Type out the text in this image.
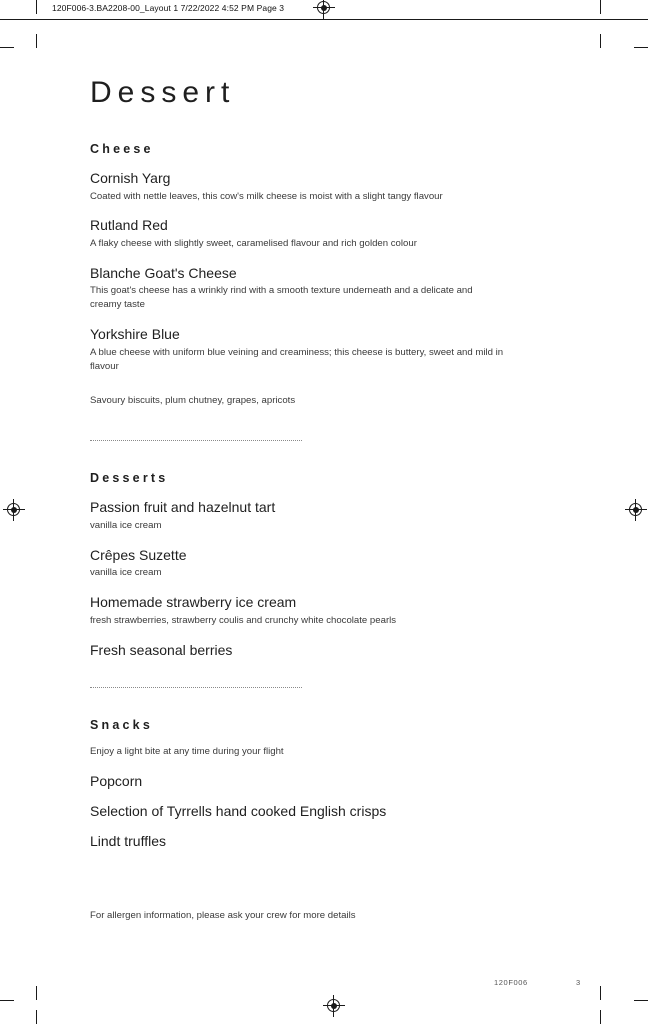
120F006-3.BA2208-00_Layout 1 7/22/2022 4:52 PM Page 3
Dessert
Cheese

Cornish Yarg

Coated with nettle leaves, this cow's milk cheese is moist with a slight tangy flavour

Rutland Red

A flaky cheese with slightly sweet, caramelised flavour and rich golden colour

Blanche Goat's Cheese

This goat's cheese has a wrinkly rind with a smooth texture underneath and a delicate and creamy taste

Yorkshire Blue

A blue cheese with uniform blue veining and creaminess; this cheese is buttery, sweet and mild in flavour

Savoury biscuits, plum chutney, grapes, apricots

Desserts

Passion fruit and hazelnut tart

vanilla ice cream

Crêpes Suzette

vanilla ice cream

Homemade strawberry ice cream

fresh strawberries, strawberry coulis and crunchy white chocolate pearls

Fresh seasonal berries

Snacks

Enjoy a light bite at any time during your flight

Popcorn

Selection of Tyrrells hand cooked English crisps

Lindt truffles

For allergen information, please ask your crew for more details
120F006	3
